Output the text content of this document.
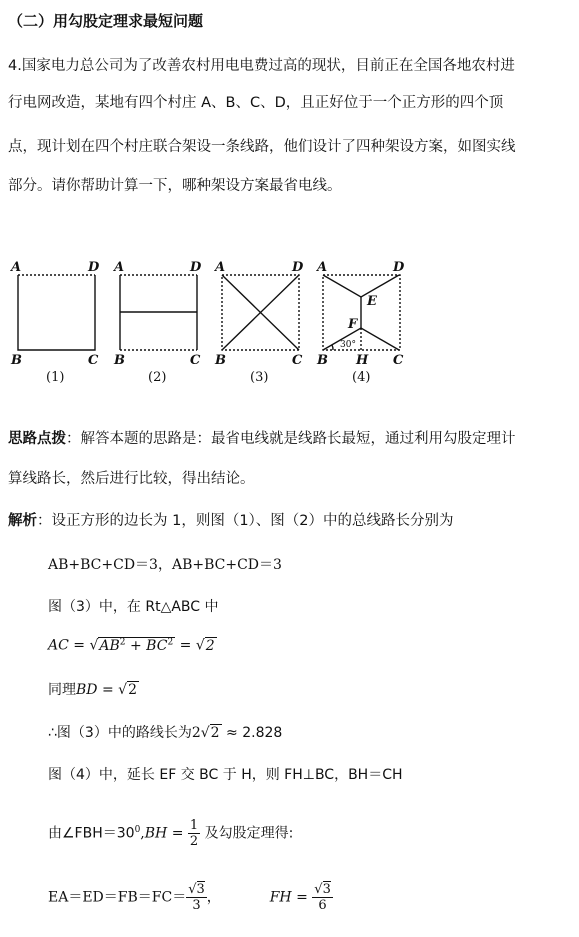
（二）用勾股定理求最短问题
4.国家电力总公司为了改善农村用电电费过高的现状，目前正在全国各地农村进
行电网改造，某地有四个村庄 A、B、C、D，且正好位于一个正方形的四个顶
点，现计划在四个村庄联合架设一条线路，他们设计了四种架设方案，如图实线
部分。请你帮助计算一下，哪种架设方案最省电线。
A	D
B	C
A	D
B	C
A	D
B	C
A	D
B	C
E
F
H
30°
(1)	(2)	(3)	(4)
思路点拨：解答本题的思路是：最省电线就是线路长最短，通过利用勾股定理计
算线路长，然后进行比较，得出结论。
解析：设正方形的边长为 1，则图（1）、图（2）中的总线路长分别为
AB+BC+CD＝3，AB+BC+CD＝3
图（3）中，在 Rt△ABC 中
AC = $√AB^2 + BC^2 = √2$
同理BD = √2
∴图（3）中的路线长为2√2 ≈ 2.828
图（4）中，延长 EF 交 BC 于 H，则 FH⊥BC，BH＝CH
由$\angle FBH=30^0,BH = \frac{1}{2}$ 及勾股定理得:
$EA=ED=FB=FC= \frac{√3}{3}$ ，	FH = $\frac{√3}{6}$
